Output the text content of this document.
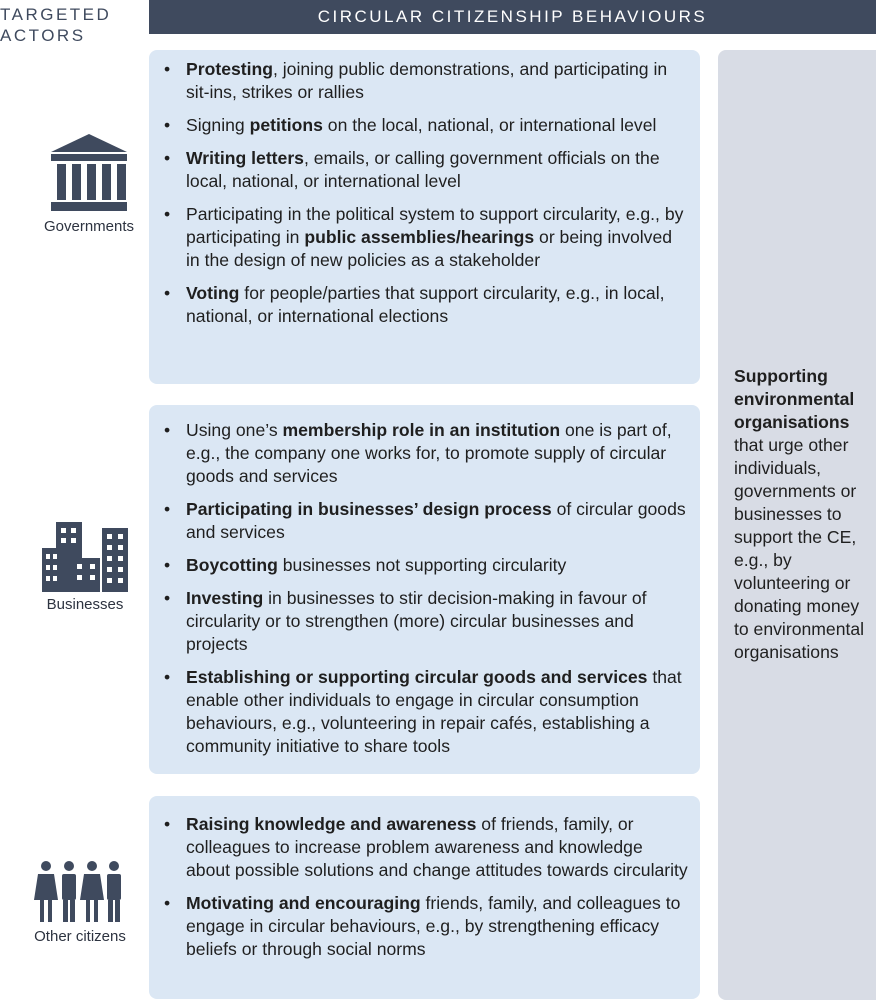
TARGETED
ACTORS
CIRCULAR CITIZENSHIP BEHAVIOURS
Governments
Businesses
Other citizens
• Protesting, joining public demonstrations, and participating in sit-ins, strikes or rallies
• Signing petitions on the local, national, or international level
• Writing letters, emails, or calling government officials on the local, national, or international level
• Participating in the political system to support circularity, e.g., by participating in public assemblies/hearings or being involved in the design of new policies as a stakeholder
• Voting for people/parties that support circularity, e.g., in local, national, or international elections
• Using one’s membership role in an institution one is part of, e.g., the company one works for, to promote supply of circular goods and services
• Participating in businesses’ design process of circular goods and services
• Boycotting businesses not supporting circularity
• Investing in businesses to stir decision-making in favour of circularity or to strengthen (more) circular businesses and projects
• Establishing or supporting circular goods and services that enable other individuals to engage in circular consumption behaviours, e.g., volunteering in repair cafés, establishing a community initiative to share tools
• Raising knowledge and awareness of friends, family, or colleagues to increase problem awareness and knowledge about possible solutions and change attitudes towards circularity
• Motivating and encouraging friends, family, and colleagues to engage in circular behaviours, e.g., by strengthening efficacy beliefs or through social norms
Supporting environmental organisations
that urge other individuals, governments or businesses to support the CE, e.g., by volunteering or donating money to environmental organisations
